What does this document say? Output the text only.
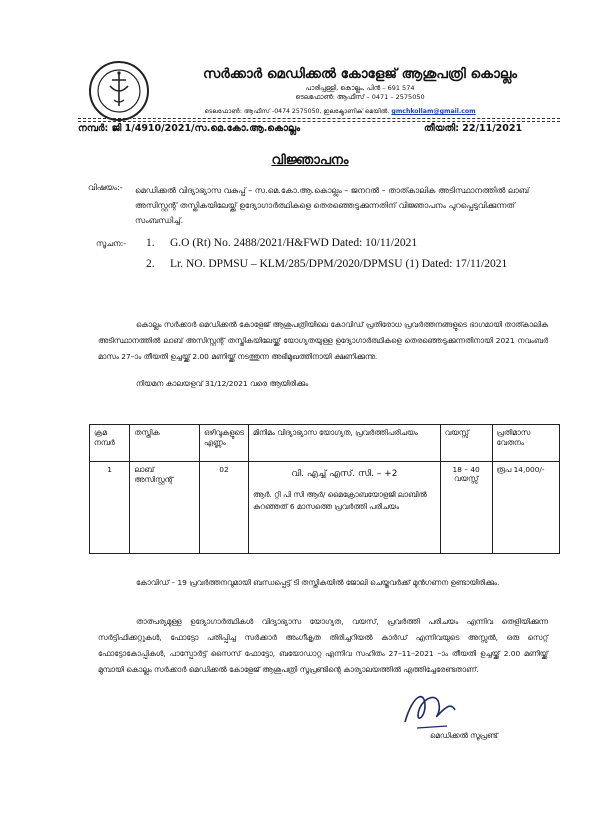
സർക്കാർ മെഡിക്കൽ കോളേജ് ആശുപത്രി കൊല്ലം
പാരിപ്പള്ളി, കൊല്ലം, പിൻ – 691 574
ടെലഫോൺ: ആഫീസ് – 0471 – 2575050
ടെലഫോൺ: ആഫീസ് -0474 2575050, ഇലക്ട്രോണിക് മെയിൽ. gmchkollam@gmail.com
നമ്പർ: ജി 1/4910/2021/സ.മെ.കോ.ആ.കൊല്ലം	തീയതി: 22/11/2021
വിജ്ഞാപനം
വിഷയം:- മെഡിക്കൽ വിദ്യാഭ്യാസ വകുപ്പ് – സ.മെ.കോ.ആ.കൊല്ലം – ജനറൽ – താത്കാലിക അടിസ്ഥാനത്തിൽ ലാബ് അസിസ്റ്റന്റ് തസ്തികയിലേയ്ക്ക് ഉദ്യോഗാർത്ഥികളെ തെരഞ്ഞെടുക്കുന്നതിന് വിജ്ഞാപനം പുറപ്പെടുവിക്കുന്നത് സംബന്ധിച്ച്.
സൂചന:- 1. G.O (Rt) No. 2488/2021/H&FWD Dated: 10/11/2021
2. Lr. NO. DPMSU – KLM/285/DPM/2020/DPMSU (1) Dated: 17/11/2021
കൊല്ലം സർക്കാർ മെഡിക്കൽ കോളേജ് ആശുപത്രിയിലെ കോവിഡ് പ്രതിരോധ പ്രവർത്തനങ്ങളുടെ ഭാഗമായി താത്കാലിക അടിസ്ഥാനത്തിൽ ലാബ് അസിസ്റ്റന്റ് തസ്തികയിലേയ്ക്ക് യോഗ്യതയുള്ള ഉദ്യോഗാർത്ഥികളെ തെരഞ്ഞെടുക്കുന്നതിനായി 2021 നവംബർ മാസം 27–ാം തീയതി ഉച്ചയ്ക്ക് 2.00 മണിയ്ക്ക് നടത്തുന്ന അഭിമുഖത്തിനായി ക്ഷണിക്കുന്നു.
നിയമന കാലയളവ് 31/12/2021 വരെ ആയിരിക്കും
ക്രമ നമ്പർ	തസ്തിക	ഒഴിവുകളുടെ എണ്ണം	മിനിമം വിദ്യാഭ്യാസ യോഗ്യത, പ്രവർത്തിപരിചയം	വയസ്സ്	പ്രതിമാസ വേതനം
1	ലാബ് അസിസ്റ്റന്റ്	02	വി. എച്ച് എസ്. സി. – +2
ആർ. റ്റി പി സി ആർ/ മൈക്രോബയോളജി ലാബിൽ കുറഞ്ഞത് 6 മാസത്തെ പ്രവർത്തി പരിചയം	18 – 40 വയസ്സ്	രൂപ 14,000/-
കോവിഡ് – 19 പ്രവർത്തനവുമായി ബന്ധപ്പെട്ട് ടി തസ്തികയിൽ ജോലി ചെയ്തവർക്ക് മുൻഗണന ഉണ്ടായിരിക്കും.
താത്പര്യമുള്ള ഉദ്യോഗാർത്ഥികൾ വിദ്യാഭ്യാസ യോഗ്യത, വയസ്, പ്രവർത്തി പരിചയം എന്നിവ തെളിയിക്കുന്ന സർട്ടിഫിക്കറ്റുകൾ, ഫോട്ടോ പതിപ്പിച്ച സർക്കാർ അംഗീകൃത തിരിച്ചറിയൽ കാർഡ് എന്നിവയുടെ അസ്സൽ, ഒരു സെറ്റ് ഫോട്ടോകോപ്പികൾ, പാസ്പോർട്ട് സൈസ് ഫോട്ടോ, ബയോഡാറ്റ എന്നിവ സഹിതം 27–11–2021 –ാം തീയതി ഉച്ചയ്ക്ക് 2.00 മണിയ്ക്ക് മുമ്പായി കൊല്ലം സർക്കാർ മെഡിക്കൽ കോളേജ് ആശുപത്രി സൂപ്രണ്ടിന്റെ കാര്യാലയത്തിൽ എത്തിച്ചേരേണ്ടതാണ്.
മെഡിക്കൽ സൂപ്രണ്ട്
